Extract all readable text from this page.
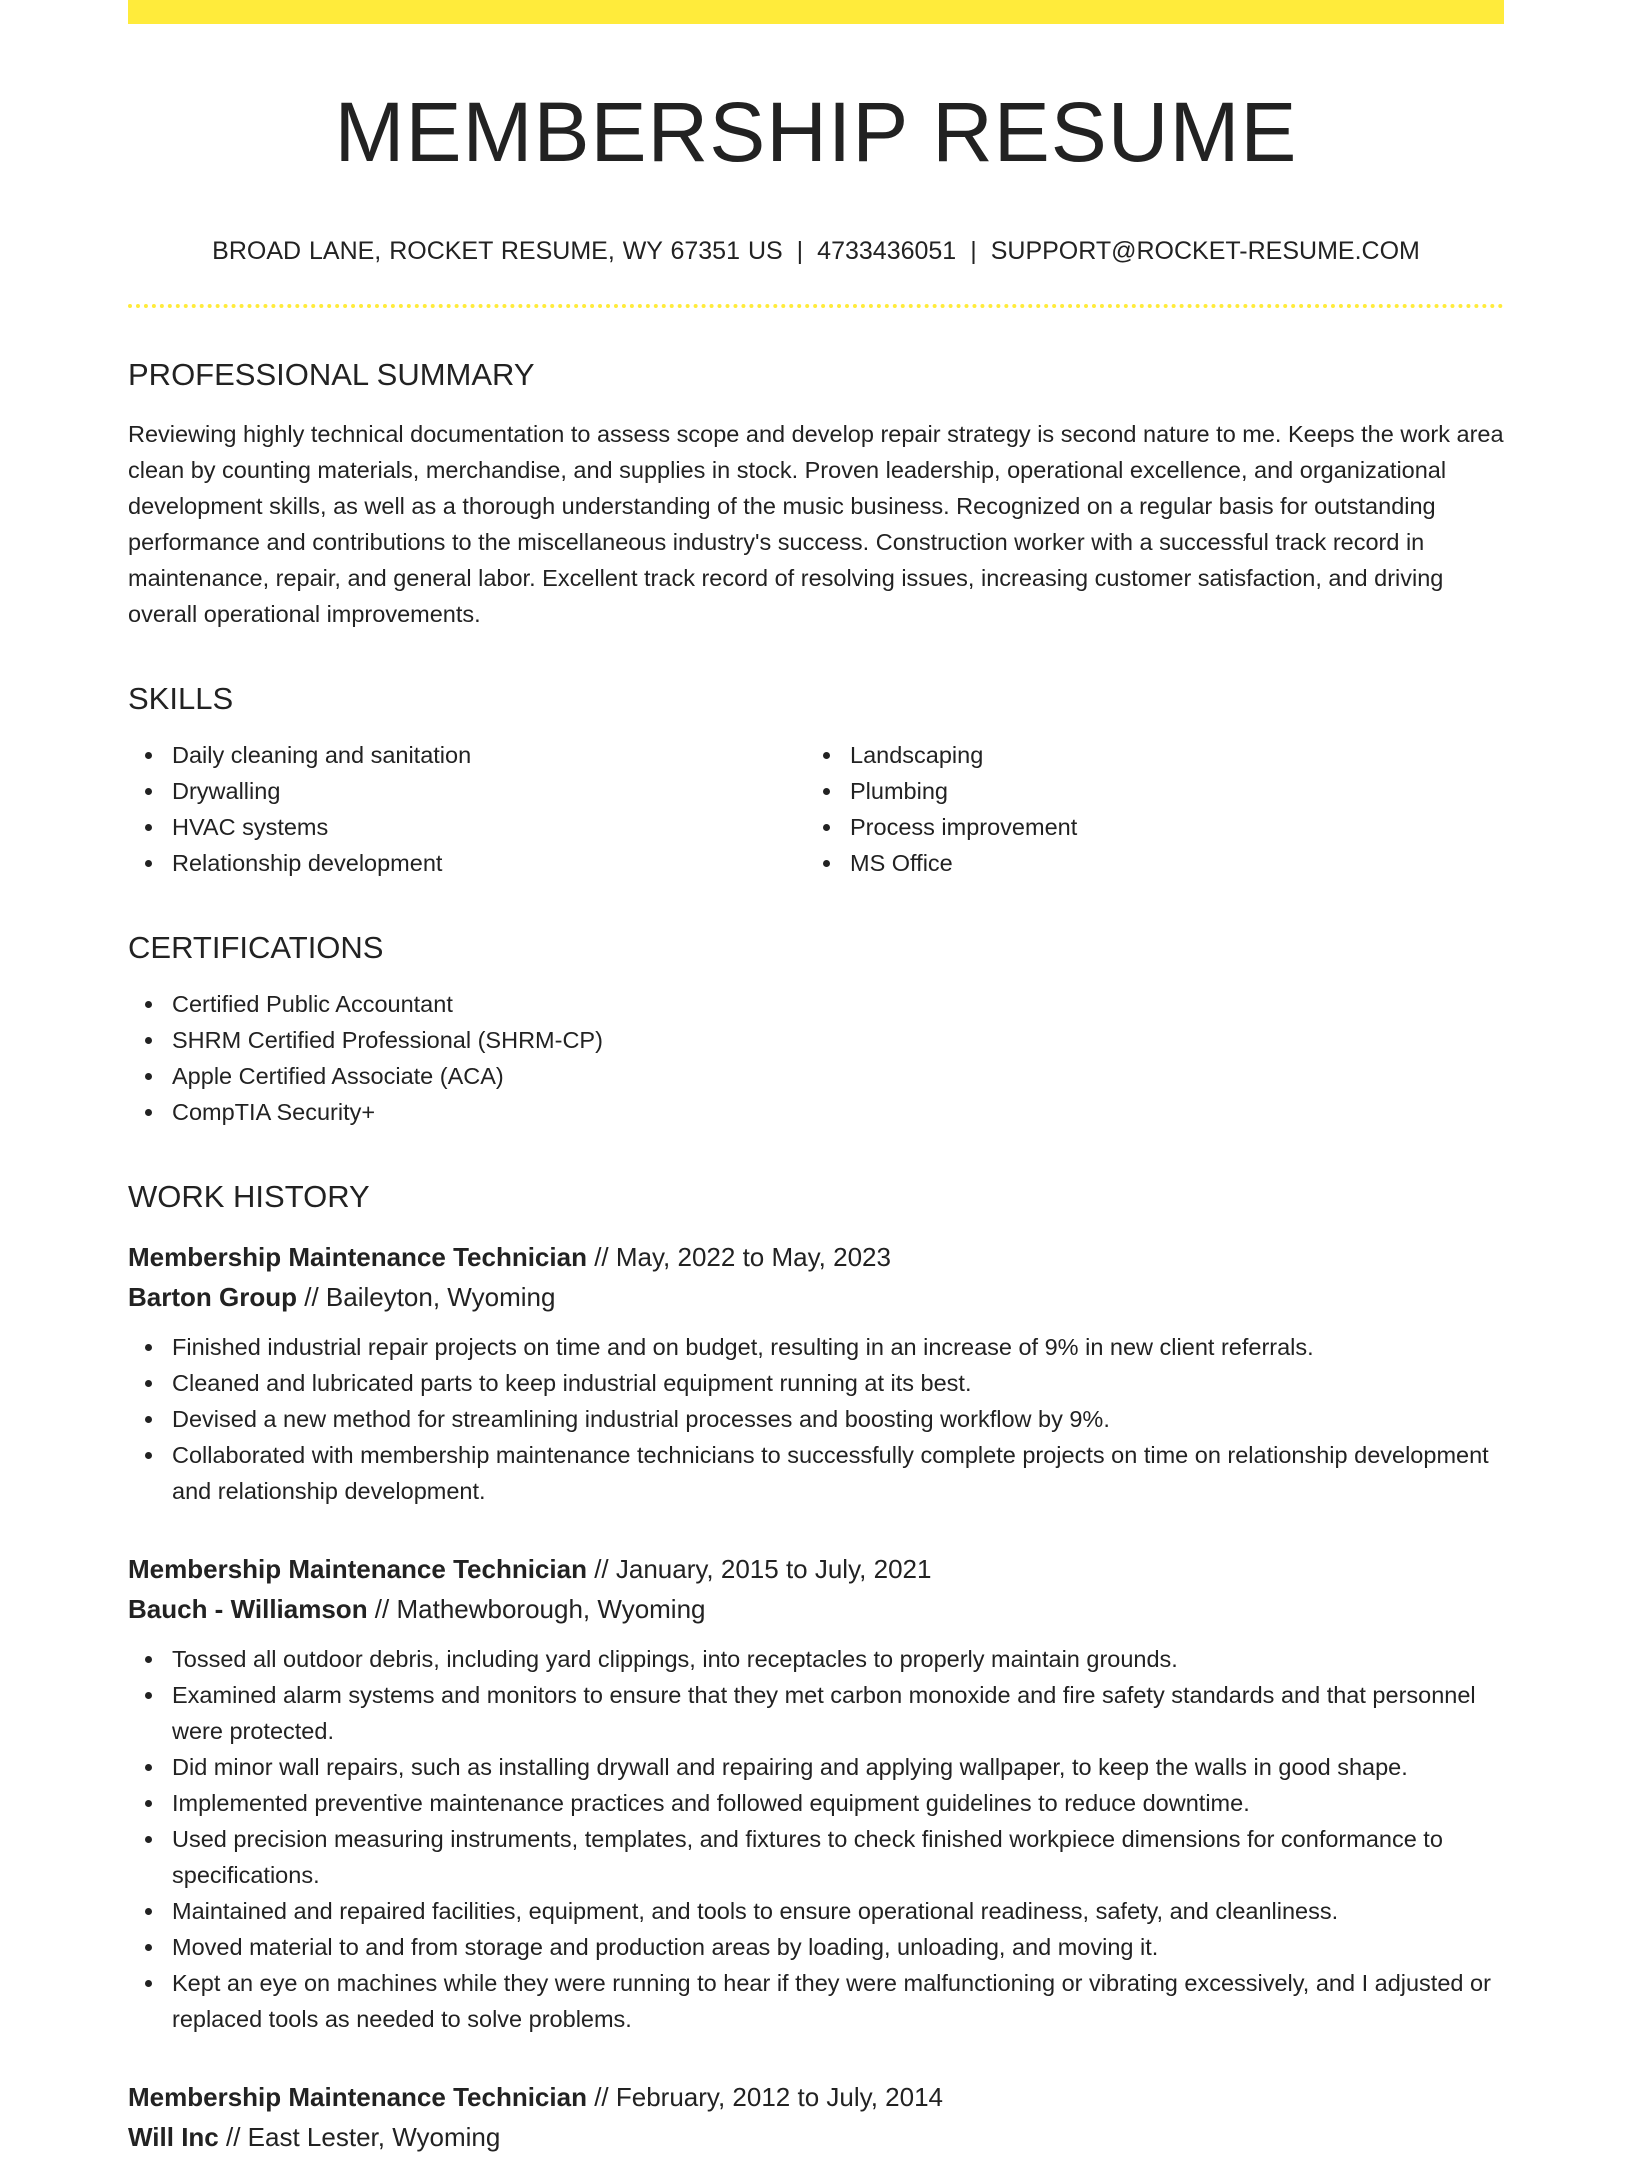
MEMBERSHIP RESUME
BROAD LANE, ROCKET RESUME, WY 67351 US | 4733436051 | SUPPORT@ROCKET-RESUME.COM
PROFESSIONAL SUMMARY

Reviewing highly technical documentation to assess scope and develop repair strategy is second nature to me. Keeps the work area clean by counting materials, merchandise, and supplies in stock. Proven leadership, operational excellence, and organizational development skills, as well as a thorough understanding of the music business. Recognized on a regular basis for outstanding performance and contributions to the miscellaneous industry's success. Construction worker with a successful track record in maintenance, repair, and general labor. Excellent track record of resolving issues, increasing customer satisfaction, and driving overall operational improvements.

SKILLS
Daily cleaning and sanitation
Drywalling
HVAC systems
Relationship development
Landscaping
Plumbing
Process improvement
MS Office
CERTIFICATIONS
Certified Public Accountant
SHRM Certified Professional (SHRM-CP)
Apple Certified Associate (ACA)
CompTIA Security+
WORK HISTORY
Membership Maintenance Technician // May, 2022 to May, 2023
Barton Group // Baileyton, Wyoming
Finished industrial repair projects on time and on budget, resulting in an increase of 9% in new client referrals.
Cleaned and lubricated parts to keep industrial equipment running at its best.
Devised a new method for streamlining industrial processes and boosting workflow by 9%.
Collaborated with membership maintenance technicians to successfully complete projects on time on relationship development and relationship development.
Membership Maintenance Technician // January, 2015 to July, 2021
Bauch - Williamson // Mathewborough, Wyoming
Tossed all outdoor debris, including yard clippings, into receptacles to properly maintain grounds.
Examined alarm systems and monitors to ensure that they met carbon monoxide and fire safety standards and that personnel were protected.
Did minor wall repairs, such as installing drywall and repairing and applying wallpaper, to keep the walls in good shape.
Implemented preventive maintenance practices and followed equipment guidelines to reduce downtime.
Used precision measuring instruments, templates, and fixtures to check finished workpiece dimensions for conformance to specifications.
Maintained and repaired facilities, equipment, and tools to ensure operational readiness, safety, and cleanliness.
Moved material to and from storage and production areas by loading, unloading, and moving it.
Kept an eye on machines while they were running to hear if they were malfunctioning or vibrating excessively, and I adjusted or replaced tools as needed to solve problems.
Membership Maintenance Technician // February, 2012 to July, 2014
Will Inc // East Lester, Wyoming
